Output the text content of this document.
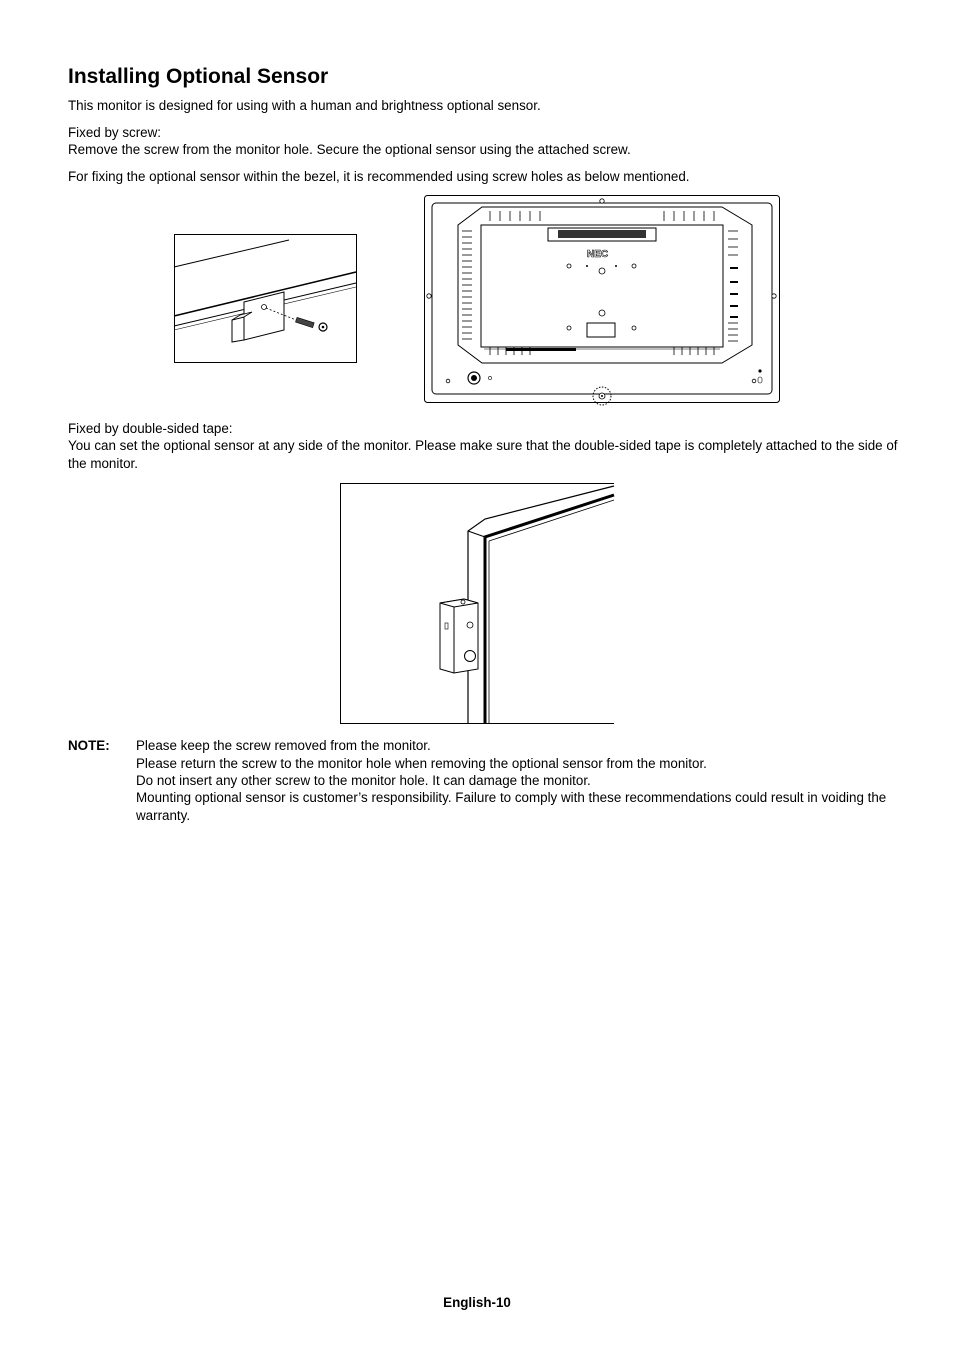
Installing Optional Sensor
This monitor is designed for using with a human and brightness optional sensor.
Fixed by screw:
Remove the screw from the monitor hole. Secure the optional sensor using the attached screw.
For fixing the optional sensor within the bezel, it is recommended using screw holes as below mentioned.
NEC
Fixed by double-sided tape:
You can set the optional sensor at any side of the monitor. Please make sure that the double-sided tape is completely attached to the side of the monitor.
NOTE: Please keep the screw removed from the monitor.
Please return the screw to the monitor hole when removing the optional sensor from the monitor.
Do not insert any other screw to the monitor hole. It can damage the monitor.
Mounting optional sensor is customer’s responsibility. Failure to comply with these recommendations could result in voiding the warranty.
English-10
